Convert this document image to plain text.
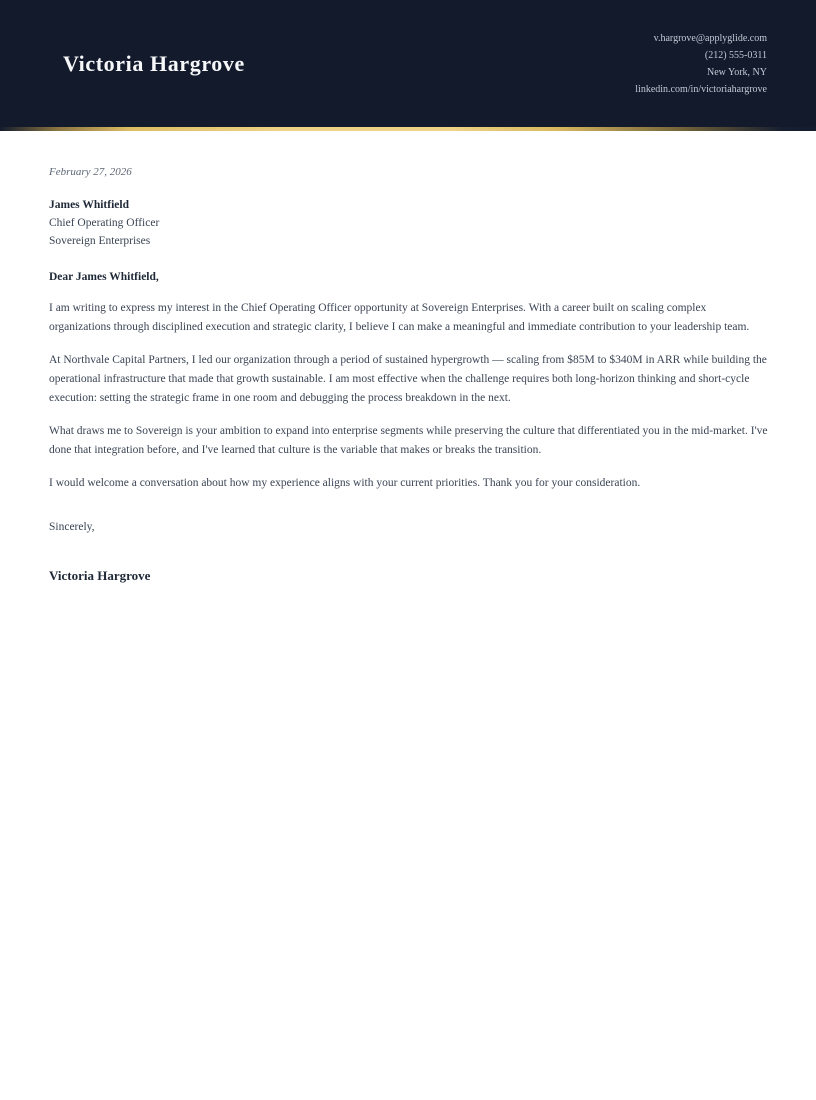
Victoria Hargrove
v.hargrove@applyglide.com
(212) 555-0311
New York, NY
linkedin.com/in/victoriahargrove
February 27, 2026
James Whitfield
Chief Operating Officer
Sovereign Enterprises
Dear James Whitfield,

I am writing to express my interest in the Chief Operating Officer opportunity at Sovereign Enterprises. With a career built on scaling complex organizations through disciplined execution and strategic clarity, I believe I can make a meaningful and immediate contribution to your leadership team.

At Northvale Capital Partners, I led our organization through a period of sustained hypergrowth — scaling from $85M to $340M in ARR while building the operational infrastructure that made that growth sustainable. I am most effective when the challenge requires both long-horizon thinking and short-cycle execution: setting the strategic frame in one room and debugging the process breakdown in the next.

What draws me to Sovereign is your ambition to expand into enterprise segments while preserving the culture that differentiated you in the mid-market. I've done that integration before, and I've learned that culture is the variable that makes or breaks the transition.

I would welcome a conversation about how my experience aligns with your current priorities. Thank you for your consideration.

Sincerely,
Victoria Hargrove
